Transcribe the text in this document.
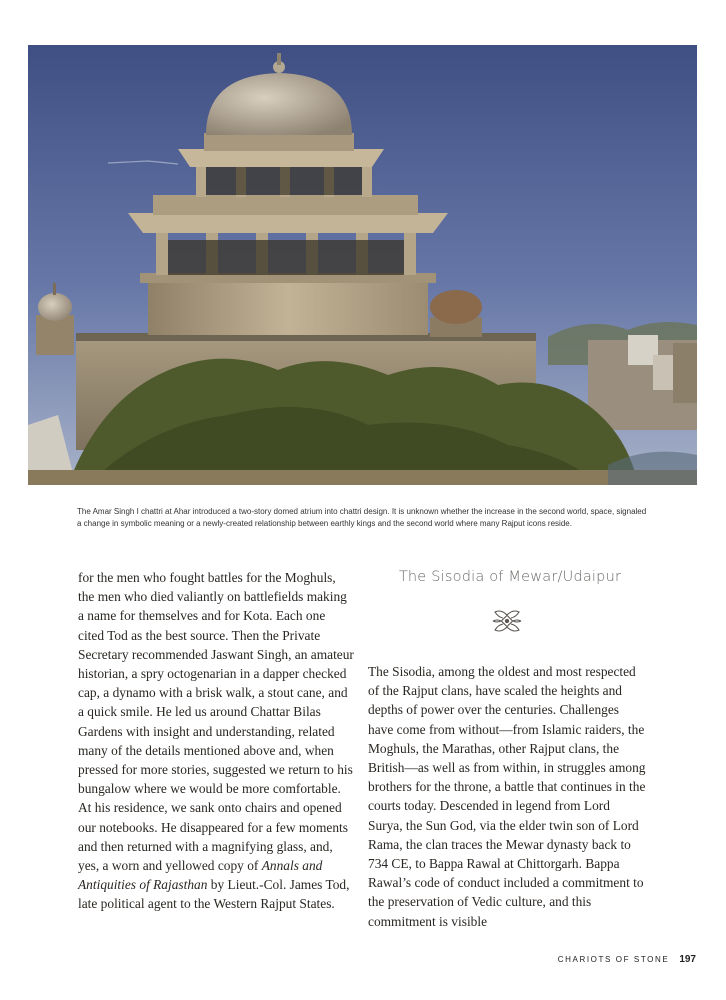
The Amar Singh I chattri at Ahar introduced a two-story domed atrium into chattri design. It is unknown whether the increase in the second world, space, signaled a change in symbolic meaning or a newly-created relationship between earthly kings and the second world where many Rajput icons reside.

for the men who fought battles for the Moghuls, the men who died valiantly on battlefields making a name for themselves and for Kota. Each one cited Tod as the best source. Then the Private Secretary recommended Jaswant Singh, an amateur historian, a spry octogenarian in a dapper checked cap, a dynamo with a brisk walk, a stout cane, and a quick smile. He led us around Chattar Bilas Gardens with insight and understanding, related many of the details mentioned above and, when pressed for more stories, suggested we return to his bungalow where we would be more comfortable. At his residence, we sank onto chairs and opened our notebooks. He disappeared for a few moments and then returned with a magnifying glass, and, yes, a worn and yellowed copy of Annals and Antiquities of Rajasthan by Lieut.-Col. James Tod, late political agent to the Western Rajput States.

The Sisodia of Mewar/Udaipur

The Sisodia, among the oldest and most respected of the Rajput clans, have scaled the heights and depths of power over the centuries. Challenges have come from without—from Islamic raiders, the Moghuls, the Marathas, other Rajput clans, the British—as well as from within, in struggles among brothers for the throne, a battle that continues in the courts today. Descended in legend from Lord Surya, the Sun God, via the elder twin son of Lord Rama, the clan traces the Mewar dynasty back to 734 CE, to Bappa Rawal at Chittorgarh. Bappa Rawal’s code of conduct included a commitment to the preservation of Vedic culture, and this commitment is visible

CHARIOTS OF STONE 197
